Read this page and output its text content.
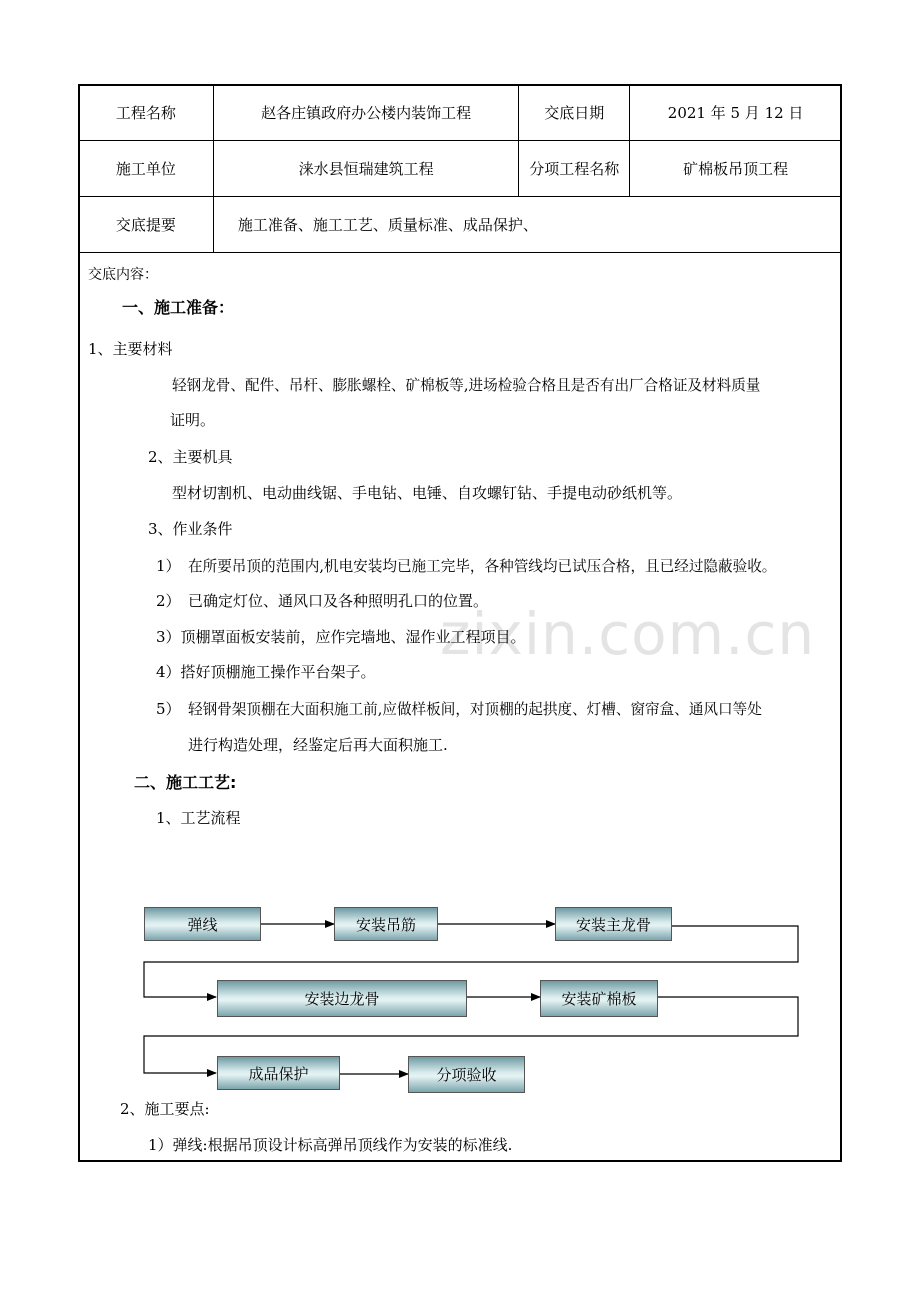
zixin.com.cn
工程名称	赵各庄镇政府办公楼内装饰工程	交底日期	2021 年 5 月 12 日
施工单位	涞水县恒瑞建筑工程	分项工程名称	矿棉板吊顶工程
交底提要	施工准备、施工工艺、质量标准、成品保护、		
交底内容：
一、施工准备：
1、主要材料
轻钢龙骨、配件、吊杆、膨胀螺栓、矿棉板等,进场检验合格且是否有出厂合格证及材料质量
证明。
2、主要机具
型材切割机、电动曲线锯、手电钻、电锤、自攻螺钉钻、手提电动砂纸机等。
3、作业条件
1） 在所要吊顶的范围内,机电安装均已施工完毕，各种管线均已试压合格，且已经过隐蔽验收。
2） 已确定灯位、通风口及各种照明孔口的位置。
3）顶棚罩面板安装前，应作完墙地、湿作业工程项目。
4）搭好顶棚施工操作平台架子。
5） 轻钢骨架顶棚在大面积施工前,应做样板间，对顶棚的起拱度、灯槽、窗帘盒、通风口等处
进行构造处理，经鉴定后再大面积施工.
二、施工工艺:
1、工艺流程
弹线	安装吊筋	安装主龙骨
安装边龙骨	安装矿棉板
成品保护	分项验收
2、施工要点:
1）弹线:根据吊顶设计标高弹吊顶线作为安装的标准线.
